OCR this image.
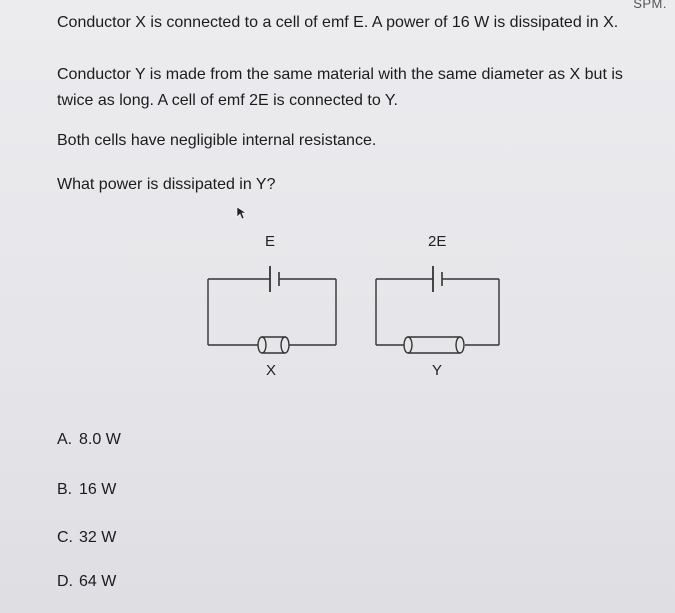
SPM.

Conductor X is connected to a cell of emf E. A power of 16 W is dissipated in X.

Conductor Y is made from the same material with the same diameter as X but is twice as long. A cell of emf 2E is connected to Y.

Both cells have negligible internal resistance.

What power is dissipated in Y?

E
X
2E
Y
A. 8.0 W
B. 16 W
C. 32 W
D. 64 W
